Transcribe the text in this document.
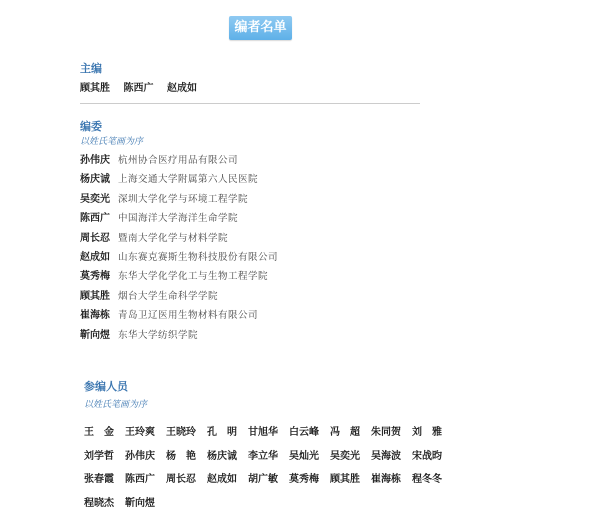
编者名单
主编
顾其胜 陈西广 赵成如
编委
以姓氏笔画为序
孙伟庆 杭州协合医疗用品有限公司
杨庆诚 上海交通大学附属第六人民医院
吴奕光 深圳大学化学与环境工程学院
陈西广 中国海洋大学海洋生命学院
周长忍 暨南大学化学与材料学院
赵成如 山东赛克赛斯生物科技股份有限公司
莫秀梅 东华大学化学化工与生物工程学院
顾其胜 烟台大学生命科学学院
崔海栋 青岛卫辽医用生物材料有限公司
靳向煜 东华大学纺织学院
参编人员
以姓氏笔画为序
王　金 王玲爽 王晓玲 孔　明 甘旭华 白云峰 冯　超 朱同贺 刘　雅刘学哲 孙伟庆 杨　艳 杨庆诚 李立华 吴灿光 吴奕光 吴海波 宋战昀张春霞 陈西广 周长忍 赵成如 胡广敏 莫秀梅 顾其胜 崔海栋 程冬冬程晓杰 靳向煜
